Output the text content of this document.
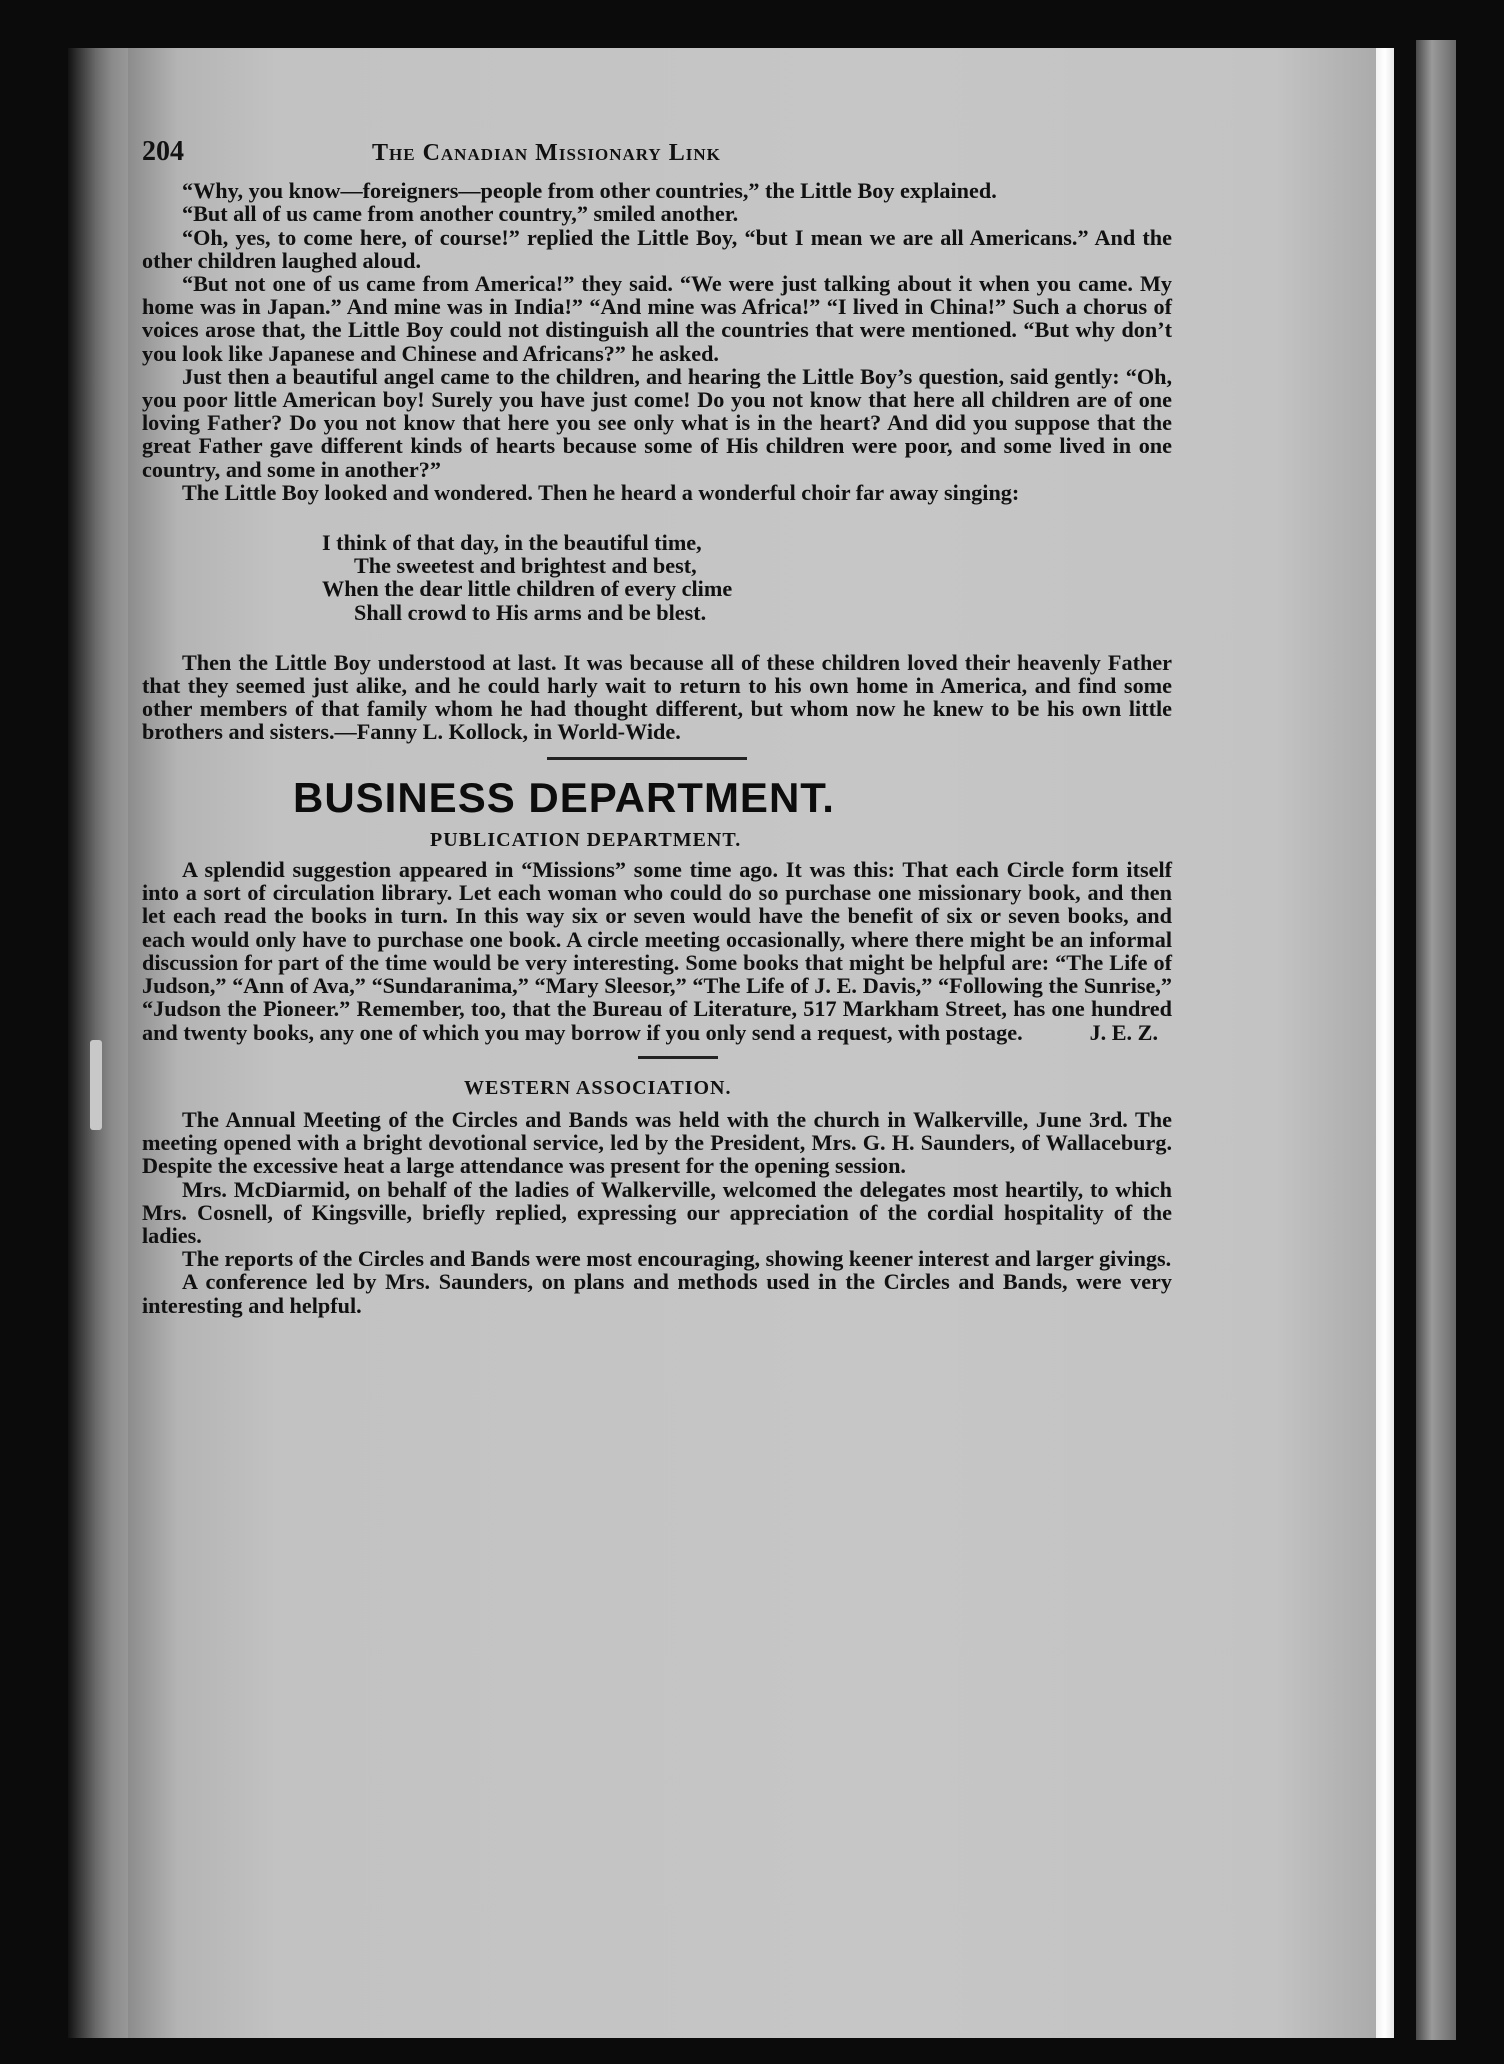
204	The Canadian Missionary Link

“Why, you know—foreigners—people from other countries,” the Little Boy explained.

“But all of us came from another country,” smiled another.

“Oh, yes, to come here, of course!” replied the Little Boy, “but I mean we are all Americans.” And the other children laughed aloud.

“But not one of us came from America!” they said. “We were just talking about it when you came. My home was in Japan.” And mine was in India!” “And mine was Africa!” “I lived in China!” Such a chorus of voices arose that, the Little Boy could not distinguish all the countries that were mentioned. “But why don’t you look like Japanese and Chinese and Africans?” he asked.

Just then a beautiful angel came to the children, and hearing the Little Boy’s question, said gently: “Oh, you poor little American boy! Surely you have just come! Do you not know that here all children are of one loving Father? Do you not know that here you see only what is in the heart? And did you suppose that the great Father gave different kinds of hearts because some of His children were poor, and some lived in one country, and some in another?”

The Little Boy looked and wondered. Then he heard a wonderful choir far away singing:

I think of that day, in the beautiful time,
The sweetest and brightest and best,
When the dear little children of every clime
Shall crowd to His arms and be blest.

Then the Little Boy understood at last. It was because all of these children loved their heavenly Father that they seemed just alike, and he could harly wait to return to his own home in America, and find some other members of that family whom he had thought different, but whom now he knew to be his own little brothers and sisters.—Fanny L. Kollock, in World-Wide.

BUSINESS DEPARTMENT.
PUBLICATION DEPARTMENT.

A splendid suggestion appeared in “Missions” some time ago. It was this: That each Circle form itself into a sort of circulation library. Let each woman who could do so purchase one missionary book, and then let each read the books in turn. In this way six or seven would have the benefit of six or seven books, and each would only have to purchase one book. A circle meeting occasionally, where there might be an informal discussion for part of the time would be very interesting. Some books that might be helpful are: “The Life of Judson,” “Ann of Ava,” “Sundaranima,” “Mary Sleesor,” “The Life of J. E. Davis,” “Following the Sunrise,” “Judson the Pioneer.” Remember, too, that the Bureau of Literature, 517 Markham Street, has one hundred and twenty books, any one of which you may borrow if you only send a request, with postage.	J. E. Z.

WESTERN ASSOCIATION.

The Annual Meeting of the Circles and Bands was held with the church in Walkerville, June 3rd. The meeting opened with a bright devotional service, led by the President, Mrs. G. H. Saunders, of Wallaceburg. Despite the excessive heat a large attendance was present for the opening session.

Mrs. McDiarmid, on behalf of the ladies of Walkerville, welcomed the delegates most heartily, to which Mrs. Cosnell, of Kingsville, briefly replied, expressing our appreciation of the cordial hospitality of the ladies.

The reports of the Circles and Bands were most encouraging, showing keener interest and larger givings.

A conference led by Mrs. Saunders, on plans and methods used in the Circles and Bands, were very interesting and helpful.
